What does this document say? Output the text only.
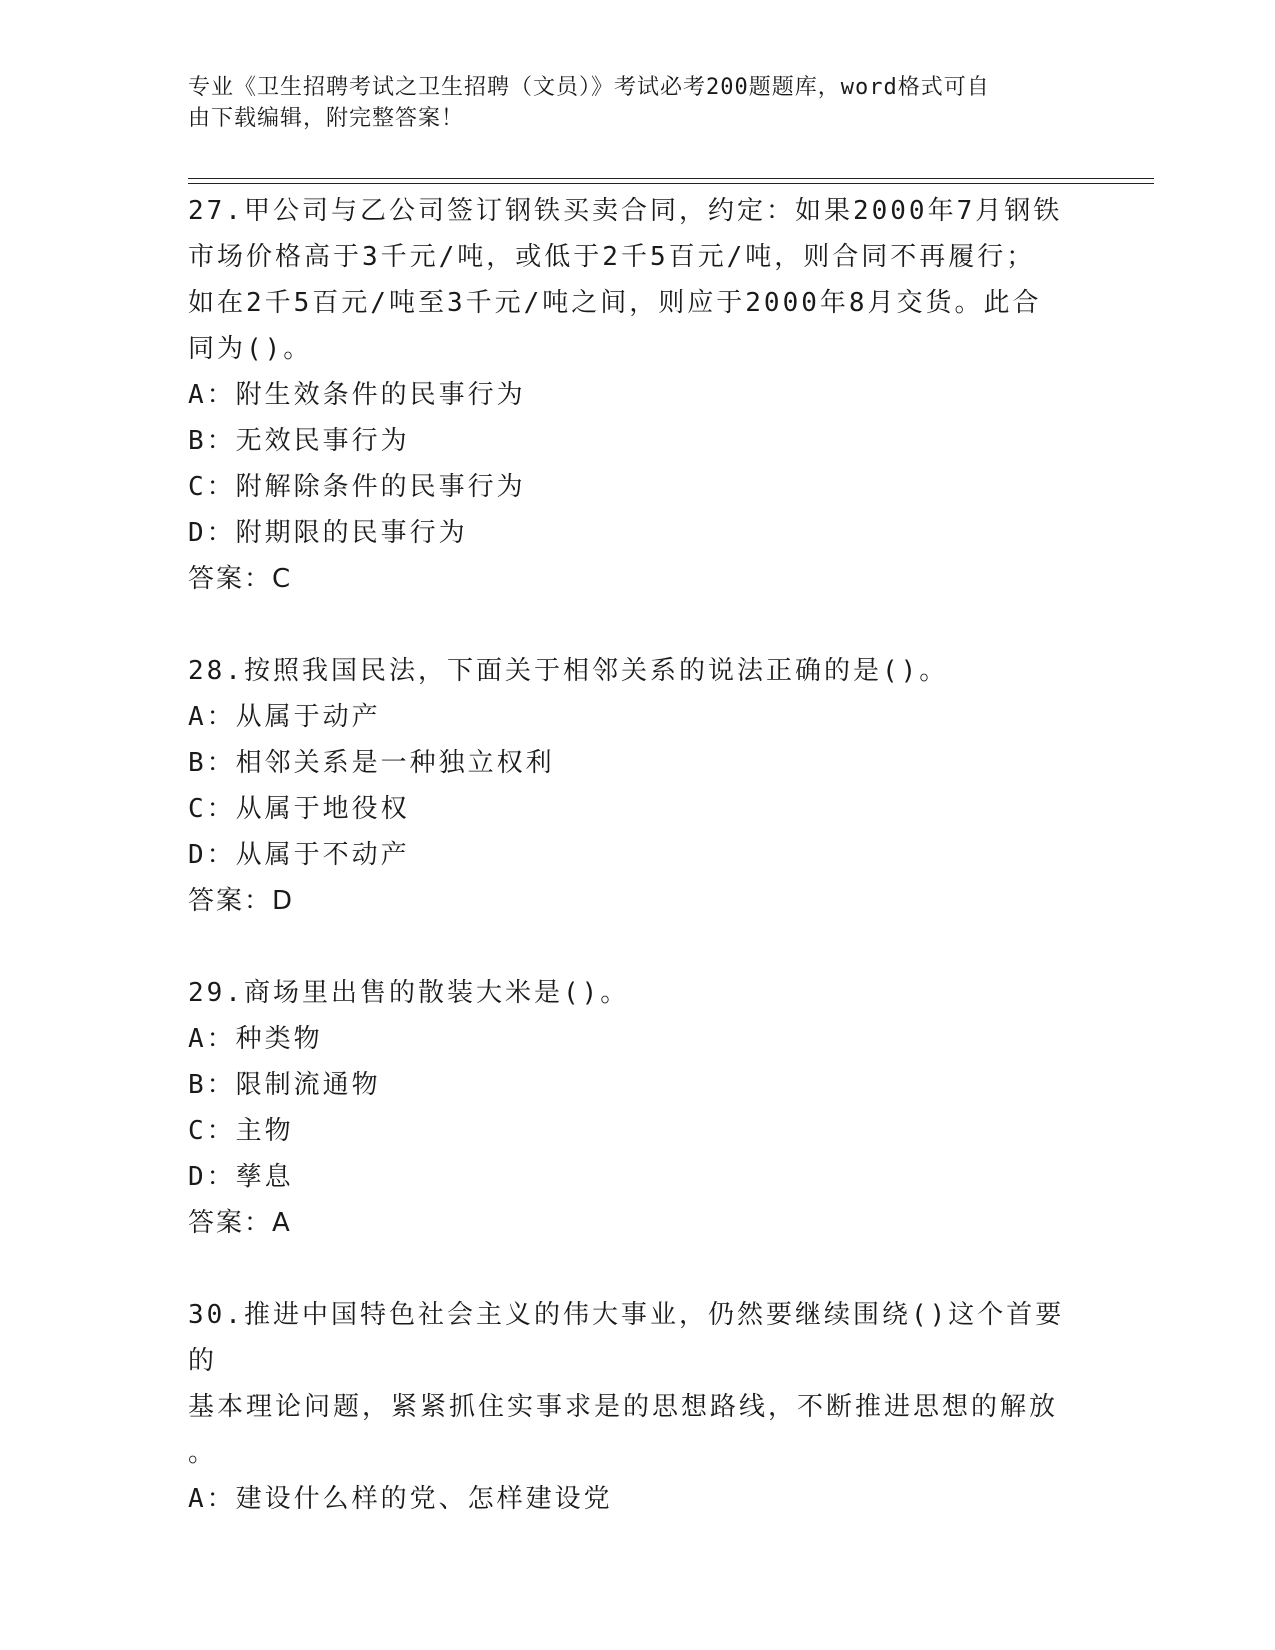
专业《卫生招聘考试之卫生招聘（文员）》考试必考200题题库，word格式可自
由下载编辑，附完整答案！

27.甲公司与乙公司签订钢铁买卖合同，约定：如果2000年7月钢铁

市场价格高于3千元/吨，或低于2千5百元/吨，则合同不再履行；

如在2千5百元/吨至3千元/吨之间，则应于2000年8月交货。此合

同为()。

A：附生效条件的民事行为

B：无效民事行为

C：附解除条件的民事行为

D：附期限的民事行为

答案：C

28.按照我国民法，下面关于相邻关系的说法正确的是()。

A：从属于动产

B：相邻关系是一种独立权利

C：从属于地役权

D：从属于不动产

答案：D

29.商场里出售的散装大米是()。

A：种类物

B：限制流通物

C：主物

D：孳息

答案：A

30.推进中国特色社会主义的伟大事业，仍然要继续围绕()这个首要的

基本理论问题，紧紧抓住实事求是的思想路线，不断推进思想的解放

。

A：建设什么样的党、怎样建设党
